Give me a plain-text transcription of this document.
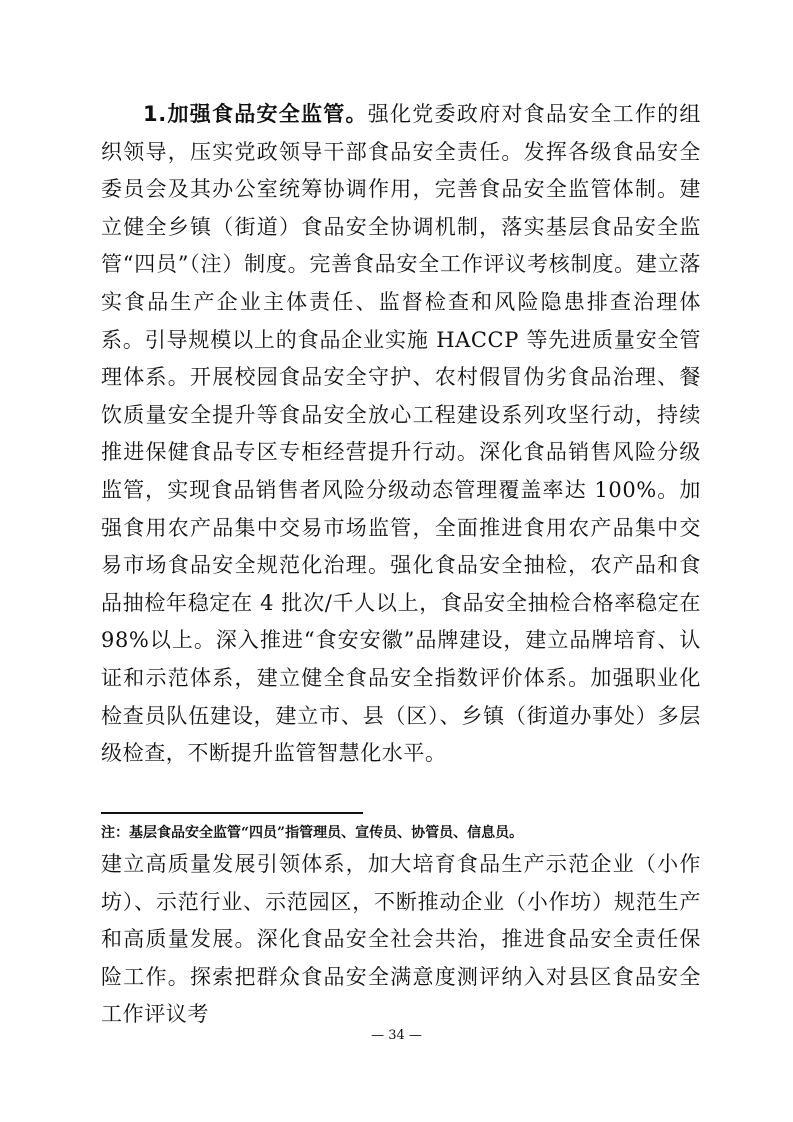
1.加强食品安全监管。强化党委政府对食品安全工作的组织领导，压实党政领导干部食品安全责任。发挥各级食品安全委员会及其办公室统筹协调作用，完善食品安全监管体制。建立健全乡镇（街道）食品安全协调机制，落实基层食品安全监管“四员”（注）制度。完善食品安全工作评议考核制度。建立落实食品生产企业主体责任、监督检查和风险隐患排查治理体系。引导规模以上的食品企业实施 HACCP 等先进质量安全管理体系。开展校园食品安全守护、农村假冒伪劣食品治理、餐饮质量安全提升等食品安全放心工程建设系列攻坚行动，持续推进保健食品专区专柜经营提升行动。深化食品销售风险分级监管，实现食品销售者风险分级动态管理覆盖率达 100%。加强食用农产品集中交易市场监管，全面推进食用农产品集中交易市场食品安全规范化治理。强化食品安全抽检，农产品和食品抽检年稳定在 4 批次/千人以上，食品安全抽检合格率稳定在 98%以上。深入推进“食安安徽”品牌建设，建立品牌培育、认证和示范体系，建立健全食品安全指数评价体系。加强职业化检查员队伍建设，建立市、县（区）、乡镇（街道办事处）多层级检查，不断提升监管智慧化水平。

注：基层食品安全监管“四员”指管理员、宣传员、协管员、信息员。

建立高质量发展引领体系，加大培育食品生产示范企业（小作坊）、示范行业、示范园区，不断推动企业（小作坊）规范生产和高质量发展。深化食品安全社会共治，推进食品安全责任保险工作。探索把群众食品安全满意度测评纳入对县区食品安全工作评议考

— 34 —
